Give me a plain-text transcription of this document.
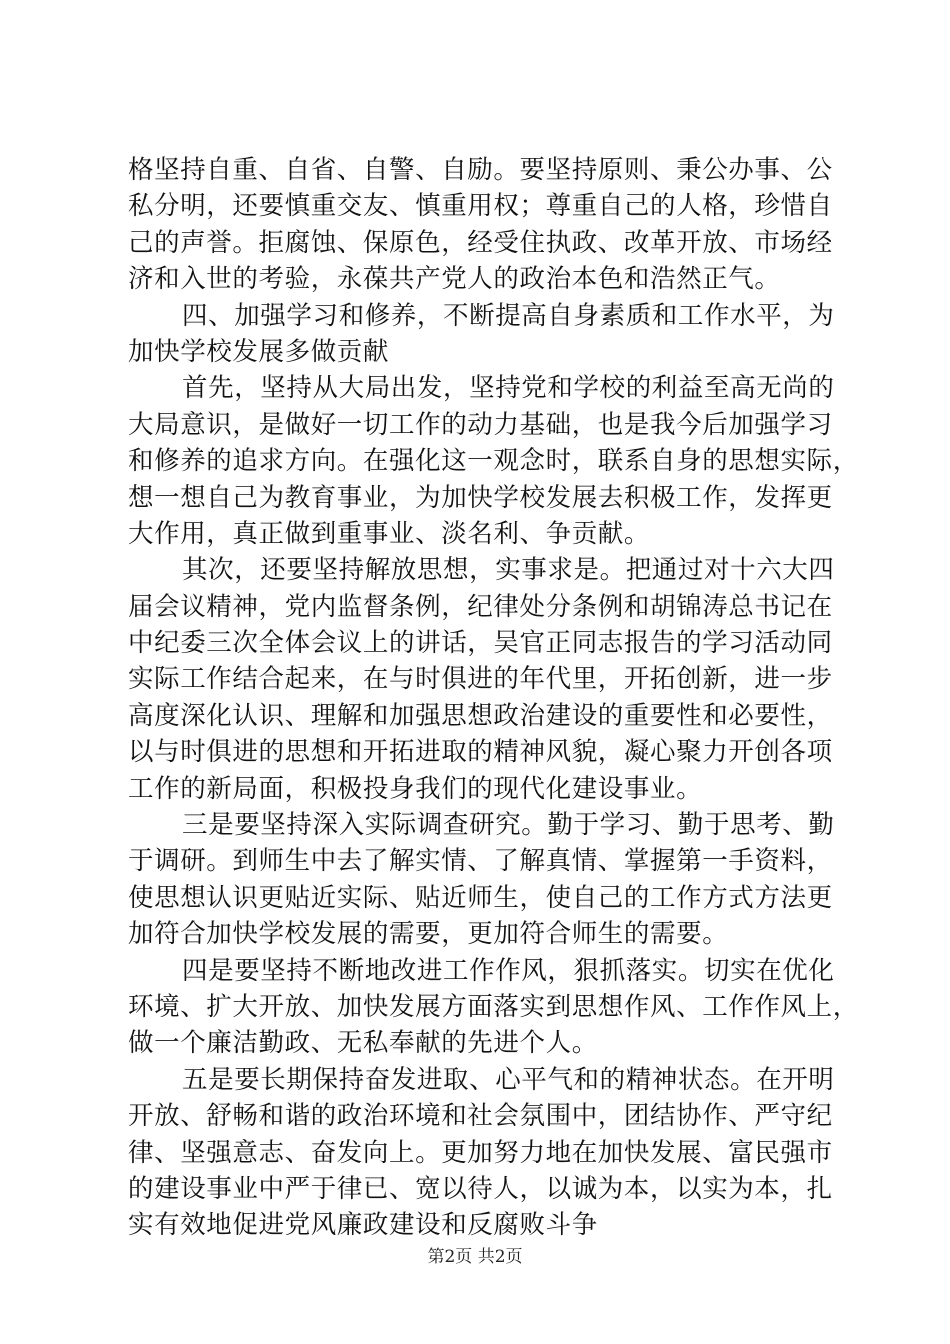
格坚持自重、自省、自警、自励。要坚持原则、秉公办事、公
私分明，还要慎重交友、慎重用权；尊重自己的人格，珍惜自
己的声誉。拒腐蚀、保原色，经受住执政、改革开放、市场经
济和入世的考验，永葆共产党人的政治本色和浩然正气。
四、加强学习和修养，不断提高自身素质和工作水平，为
加快学校发展多做贡献
首先，坚持从大局出发，坚持党和学校的利益至高无尚的
大局意识，是做好一切工作的动力基础，也是我今后加强学习
和修养的追求方向。在强化这一观念时，联系自身的思想实际，
想一想自己为教育事业，为加快学校发展去积极工作，发挥更
大作用，真正做到重事业、淡名利、争贡献。
其次，还要坚持解放思想，实事求是。把通过对十六大四
届会议精神，党内监督条例，纪律处分条例和胡锦涛总书记在
中纪委三次全体会议上的讲话，吴官正同志报告的学习活动同
实际工作结合起来，在与时俱进的年代里，开拓创新，进一步
高度深化认识、理解和加强思想政治建设的重要性和必要性，
以与时俱进的思想和开拓进取的精神风貌，凝心聚力开创各项
工作的新局面，积极投身我们的现代化建设事业。
三是要坚持深入实际调查研究。勤于学习、勤于思考、勤
于调研。到师生中去了解实情、了解真情、掌握第一手资料，
使思想认识更贴近实际、贴近师生，使自己的工作方式方法更
加符合加快学校发展的需要，更加符合师生的需要。
四是要坚持不断地改进工作作风，狠抓落实。切实在优化
环境、扩大开放、加快发展方面落实到思想作风、工作作风上，
做一个廉洁勤政、无私奉献的先进个人。
五是要长期保持奋发进取、心平气和的精神状态。在开明
开放、舒畅和谐的政治环境和社会氛围中，团结协作、严守纪
律、坚强意志、奋发向上。更加努力地在加快发展、富民强市
的建设事业中严于律已、宽以待人，以诚为本，以实为本，扎
实有效地促进党风廉政建设和反腐败斗争
第2页 共2页
